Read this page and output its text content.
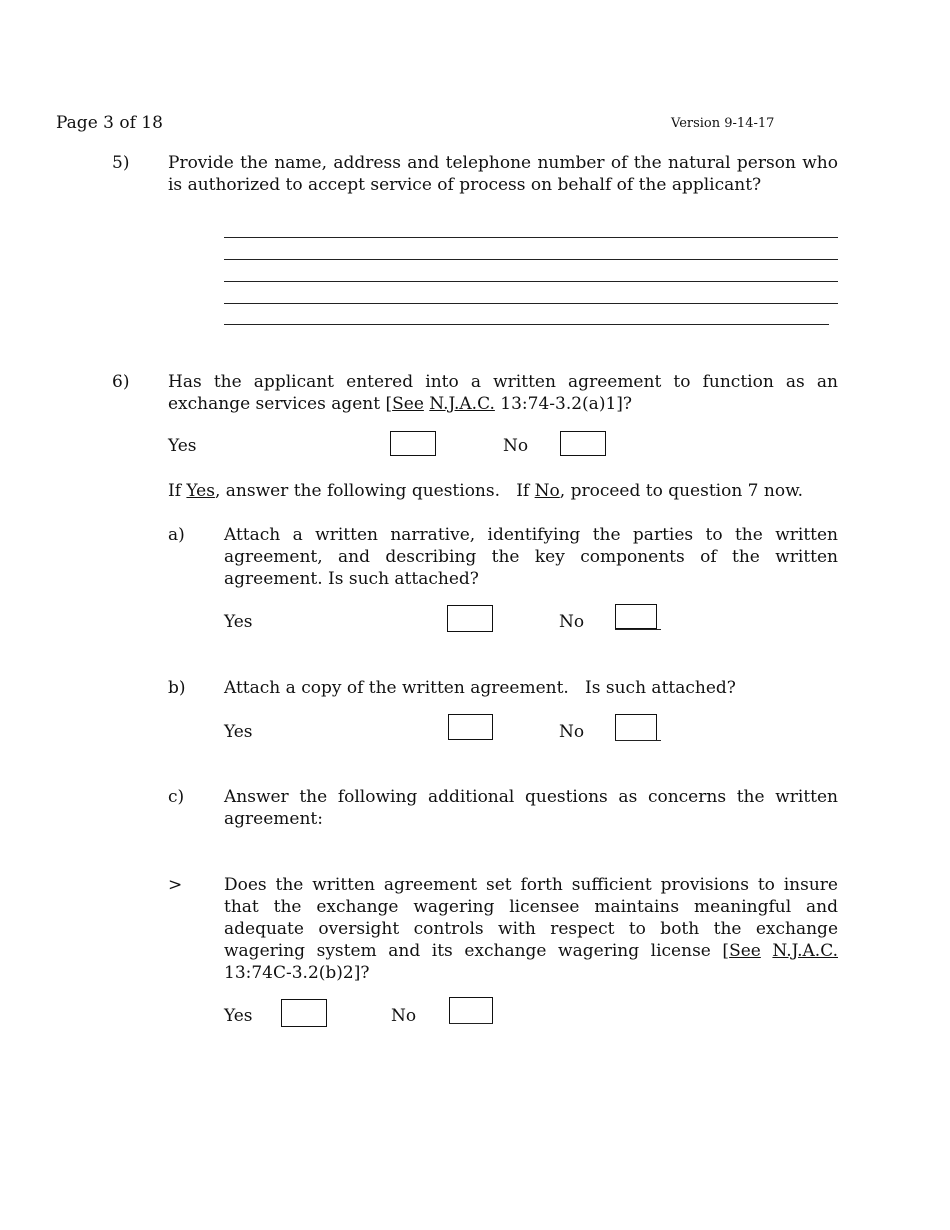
Page 3 of 18	Version 9-14-17
5) Provide the name, address and telephone number of the natural person who is authorized to accept service of process on behalf of the applicant?
6) Has the applicant entered into a written agreement to function as an exchange services agent [See N.J.A.C. 13:74-3.2(a)1]?
Yes	No
If Yes, answer the following questions.   If No, proceed to question 7 now.
a) Attach a written narrative, identifying the parties to the written agreement, and describing the key components of the written agreement. Is such attached?
Yes	No
b) Attach a copy of the written agreement.   Is such attached?
Yes	No
c) Answer the following additional questions as concerns the written agreement:
> Does the written agreement set forth sufficient provisions to insure that the exchange wagering licensee maintains meaningful and adequate oversight controls with respect to both the exchange wagering system and its exchange wagering license [See N.J.A.C. 13:74C-3.2(b)2]?
Yes	No
